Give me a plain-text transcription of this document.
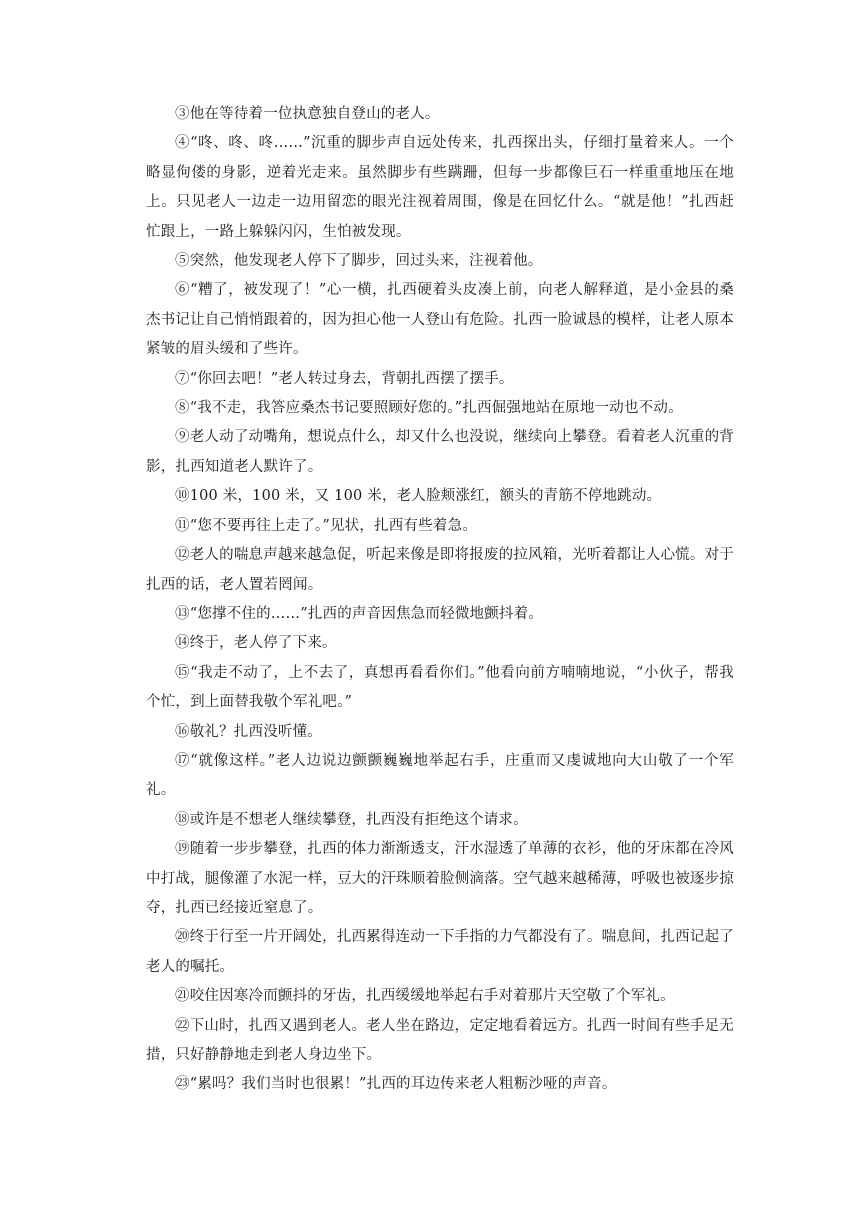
③他在等待着一位执意独自登山的老人。

④“咚、咚、咚……”沉重的脚步声自远处传来，扎西探出头，仔细打量着来人。一个略显佝偻的身影，逆着光走来。虽然脚步有些蹒跚，但每一步都像巨石一样重重地压在地上。只见老人一边走一边用留恋的眼光注视着周围，像是在回忆什么。“就是他！”扎西赶忙跟上，一路上躲躲闪闪，生怕被发现。

⑤突然，他发现老人停下了脚步，回过头来，注视着他。

⑥“糟了，被发现了！”心一横，扎西硬着头皮凑上前，向老人解释道，是小金县的桑杰书记让自己悄悄跟着的，因为担心他一人登山有危险。扎西一脸诚恳的模样，让老人原本紧皱的眉头缓和了些许。

⑦“你回去吧！”老人转过身去，背朝扎西摆了摆手。

⑧“我不走，我答应桑杰书记要照顾好您的。”扎西倔强地站在原地一动也不动。

⑨老人动了动嘴角，想说点什么，却又什么也没说，继续向上攀登。看着老人沉重的背影，扎西知道老人默许了。

⑩100 米，100 米，又 100 米，老人脸颊涨红，额头的青筋不停地跳动。

⑪“您不要再往上走了。”见状，扎西有些着急。

⑫老人的喘息声越来越急促，听起来像是即将报废的拉风箱，光听着都让人心慌。对于扎西的话，老人置若罔闻。

⑬“您撑不住的……”扎西的声音因焦急而轻微地颤抖着。

⑭终于，老人停了下来。

⑮“我走不动了，上不去了，真想再看看你们。”他看向前方喃喃地说，“小伙子，帮我个忙，到上面替我敬个军礼吧。”

⑯敬礼？扎西没听懂。

⑰“就像这样。”老人边说边颤颤巍巍地举起右手，庄重而又虔诚地向大山敬了一个军礼。

⑱或许是不想老人继续攀登，扎西没有拒绝这个请求。

⑲随着一步步攀登，扎西的体力渐渐透支，汗水湿透了单薄的衣衫，他的牙床都在冷风中打战，腿像灌了水泥一样，豆大的汗珠顺着脸侧滴落。空气越来越稀薄，呼吸也被逐步掠夺，扎西已经接近窒息了。

⑳终于行至一片开阔处，扎西累得连动一下手指的力气都没有了。喘息间，扎西记起了老人的嘱托。

㉑咬住因寒冷而颤抖的牙齿，扎西缓缓地举起右手对着那片天空敬了个军礼。

㉒下山时，扎西又遇到老人。老人坐在路边，定定地看着远方。扎西一时间有些手足无措，只好静静地走到老人身边坐下。

㉓“累吗？我们当时也很累！”扎西的耳边传来老人粗粝沙哑的声音。
